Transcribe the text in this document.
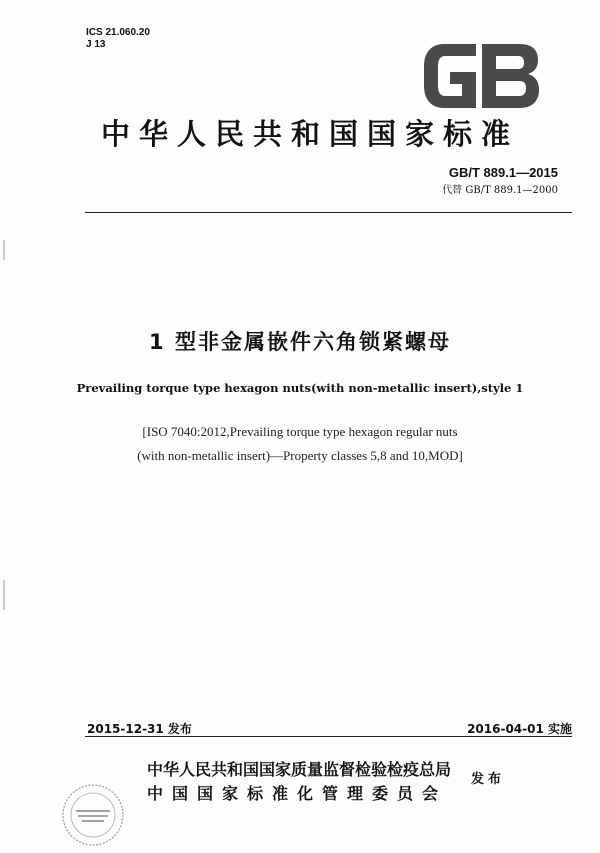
ICS 21.060.20
J 13
中华人民共和国国家标准
GB/T 889.1—2015
代替 GB/T 889.1—2000
1 型非金属嵌件六角锁紧螺母
Prevailing torque type hexagon nuts(with non-metallic insert),style 1
[ISO 7040:2012,Prevailing torque type hexagon regular nuts
(with non-metallic insert)—Property classes 5,8 and 10,MOD]
2015-12-31 发布	2016-04-01 实施
中华人民共和国国家质量监督检验检疫总局
中国国家标准化管理委员会
发布
